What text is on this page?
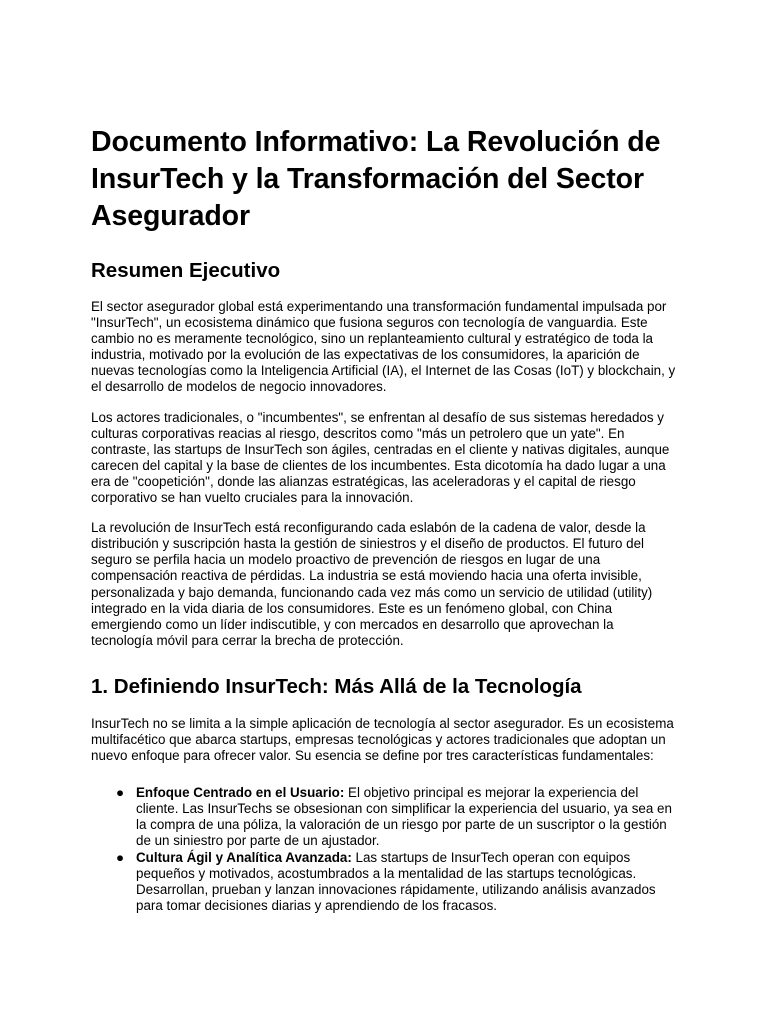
Documento Informativo: La Revolución de InsurTech y la Transformación del Sector Asegurador
Resumen Ejecutivo

El sector asegurador global está experimentando una transformación fundamental impulsada por "InsurTech", un ecosistema dinámico que fusiona seguros con tecnología de vanguardia. Este cambio no es meramente tecnológico, sino un replanteamiento cultural y estratégico de toda la industria, motivado por la evolución de las expectativas de los consumidores, la aparición de nuevas tecnologías como la Inteligencia Artificial (IA), el Internet de las Cosas (IoT) y blockchain, y el desarrollo de modelos de negocio innovadores.

Los actores tradicionales, o "incumbentes", se enfrentan al desafío de sus sistemas heredados y culturas corporativas reacias al riesgo, descritos como "más un petrolero que un yate". En contraste, las startups de InsurTech son ágiles, centradas en el cliente y nativas digitales, aunque carecen del capital y la base de clientes de los incumbentes. Esta dicotomía ha dado lugar a una era de "coopetición", donde las alianzas estratégicas, las aceleradoras y el capital de riesgo corporativo se han vuelto cruciales para la innovación.

La revolución de InsurTech está reconfigurando cada eslabón de la cadena de valor, desde la distribución y suscripción hasta la gestión de siniestros y el diseño de productos. El futuro del seguro se perfila hacia un modelo proactivo de prevención de riesgos en lugar de una compensación reactiva de pérdidas. La industria se está moviendo hacia una oferta invisible, personalizada y bajo demanda, funcionando cada vez más como un servicio de utilidad (utility) integrado en la vida diaria de los consumidores. Este es un fenómeno global, con China emergiendo como un líder indiscutible, y con mercados en desarrollo que aprovechan la tecnología móvil para cerrar la brecha de protección.

1. Definiendo InsurTech: Más Allá de la Tecnología

InsurTech no se limita a la simple aplicación de tecnología al sector asegurador. Es un ecosistema multifacético que abarca startups, empresas tecnológicas y actores tradicionales que adoptan un nuevo enfoque para ofrecer valor. Su esencia se define por tres características fundamentales:

● Enfoque Centrado en el Usuario: El objetivo principal es mejorar la experiencia del cliente. Las InsurTechs se obsesionan con simplificar la experiencia del usuario, ya sea en la compra de una póliza, la valoración de un riesgo por parte de un suscriptor o la gestión de un siniestro por parte de un ajustador.
● Cultura Ágil y Analítica Avanzada: Las startups de InsurTech operan con equipos pequeños y motivados, acostumbrados a la mentalidad de las startups tecnológicas. Desarrollan, prueban y lanzan innovaciones rápidamente, utilizando análisis avanzados para tomar decisiones diarias y aprendiendo de los fracasos.
